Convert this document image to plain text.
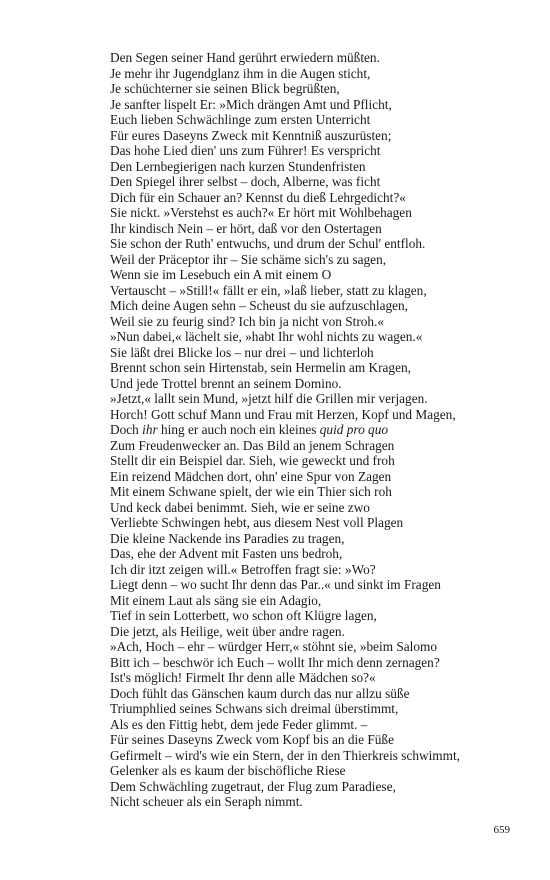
Den Segen seiner Hand gerührt erwiedern müßten.
Je mehr ihr Jugendglanz ihm in die Augen sticht,
Je schüchterner sie seinen Blick begrüßten,
Je sanfter lispelt Er: »Mich drängen Amt und Pflicht,
Euch lieben Schwächlinge zum ersten Unterricht
Für eures Daseyns Zweck mit Kenntniß auszurüsten;
Das hohe Lied dien' uns zum Führer! Es verspricht
Den Lernbegierigen nach kurzen Stundenfristen
Den Spiegel ihrer selbst – doch, Alberne, was ficht
Dich für ein Schauer an? Kennst du dieß Lehrgedicht?«
Sie nickt. »Verstehst es auch?« Er hört mit Wohlbehagen
Ihr kindisch Nein – er hört, daß vor den Ostertagen
Sie schon der Ruth' entwuchs, und drum der Schul' entfloh.
Weil der Präceptor ihr – Sie schäme sich's zu sagen,
Wenn sie im Lesebuch ein A mit einem O
Vertauscht – »Still!« fällt er ein, »laß lieber, statt zu klagen,
Mich deine Augen sehn – Scheust du sie aufzuschlagen,
Weil sie zu feurig sind? Ich bin ja nicht von Stroh.«
»Nun dabei,« lächelt sie, »habt Ihr wohl nichts zu wagen.«
Sie läßt drei Blicke los – nur drei – und lichterloh
Brennt schon sein Hirtenstab, sein Hermelin am Kragen,
Und jede Trottel brennt an seinem Domino.
»Jetzt,« lallt sein Mund, »jetzt hilf die Grillen mir verjagen.
Horch! Gott schuf Mann und Frau mit Herzen, Kopf und Magen,
Doch ihr hing er auch noch ein kleines quid pro quo
Zum Freudenwecker an. Das Bild an jenem Schragen
Stellt dir ein Beispiel dar. Sieh, wie geweckt und froh
Ein reizend Mädchen dort, ohn' eine Spur von Zagen
Mit einem Schwane spielt, der wie ein Thier sich roh
Und keck dabei benimmt. Sieh, wie er seine zwo
Verliebte Schwingen hebt, aus diesem Nest voll Plagen
Die kleine Nackende ins Paradies zu tragen,
Das, ehe der Advent mit Fasten uns bedroh,
Ich dir itzt zeigen will.« Betroffen fragt sie: »Wo?
Liegt denn – wo sucht Ihr denn das Par..« und sinkt im Fragen
Mit einem Laut als säng sie ein Adagio,
Tief in sein Lotterbett, wo schon oft Klügre lagen,
Die jetzt, als Heilige, weit über andre ragen.
»Ach, Hoch – ehr – würdger Herr,« stöhnt sie, »beim Salomo
Bitt ich – beschwör ich Euch – wollt Ihr mich denn zernagen?
Ist's möglich! Firmelt Ihr denn alle Mädchen so?«
Doch fühlt das Gänschen kaum durch das nur allzu süße
Triumphlied seines Schwans sich dreimal überstimmt,
Als es den Fittig hebt, dem jede Feder glimmt. –
Für seines Daseyns Zweck vom Kopf bis an die Füße
Gefirmelt – wird's wie ein Stern, der in den Thierkreis schwimmt,
Gelenker als es kaum der bischöfliche Riese
Dem Schwächling zugetraut, der Flug zum Paradiese,
Nicht scheuer als ein Seraph nimmt.
659
